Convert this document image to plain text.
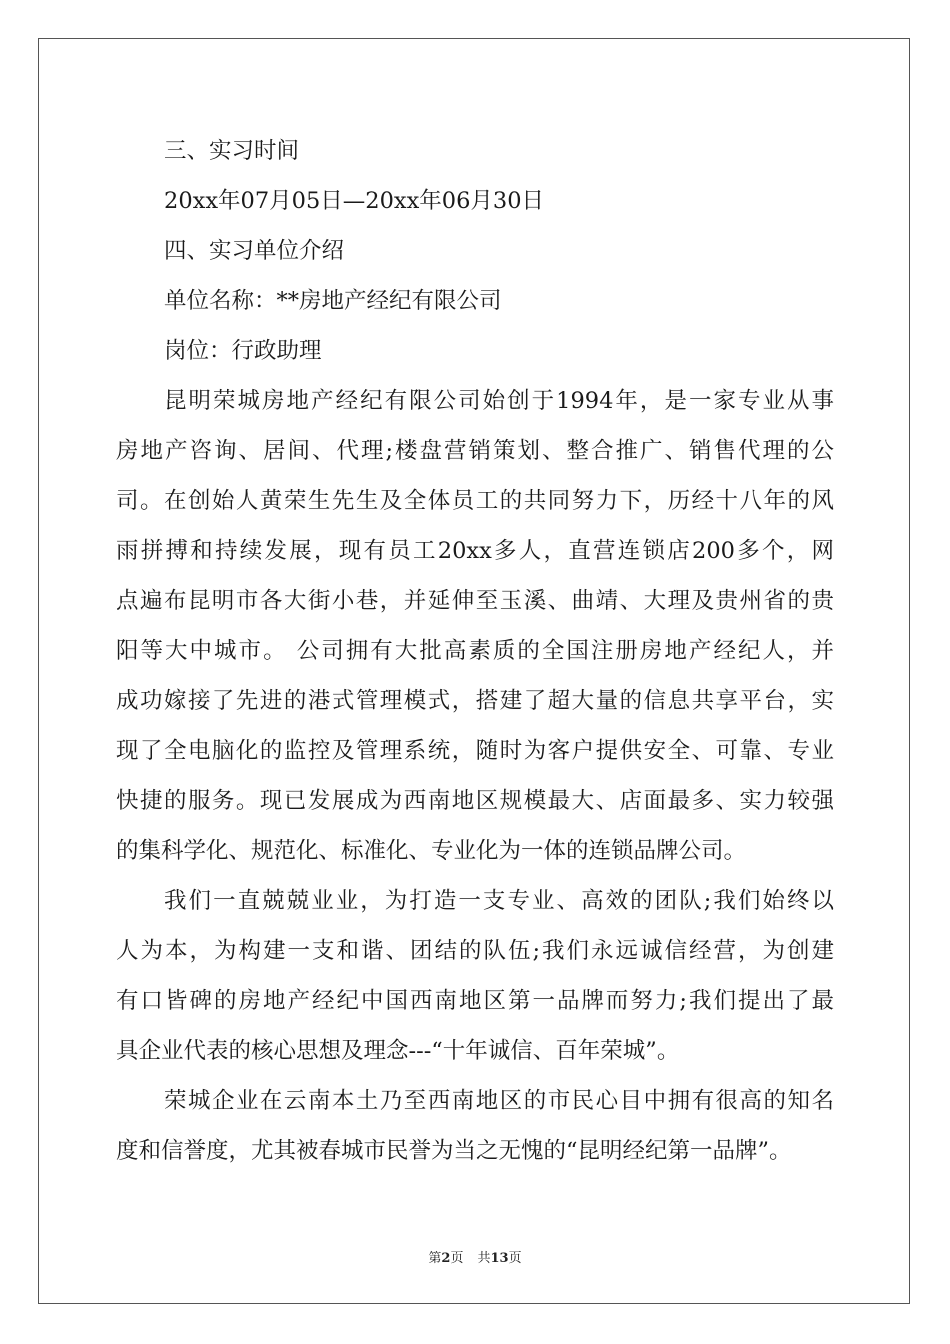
三、实习时间
20xx年07月05日—20xx年06月30日
四、实习单位介绍
单位名称：**房地产经纪有限公司
岗位：行政助理
昆明荣城房地产经纪有限公司始创于1994年，是一家专业从事
房地产咨询、居间、代理;楼盘营销策划、整合推广、销售代理的公
司。在创始人黄荣生先生及全体员工的共同努力下，历经十八年的风
雨拼搏和持续发展，现有员工20xx多人，直营连锁店200多个，网
点遍布昆明市各大街小巷，并延伸至玉溪、曲靖、大理及贵州省的贵
阳等大中城市。 公司拥有大批高素质的全国注册房地产经纪人，并
成功嫁接了先进的港式管理模式，搭建了超大量的信息共享平台，实
现了全电脑化的监控及管理系统，随时为客户提供安全、可靠、专业
快捷的服务。现已发展成为西南地区规模最大、店面最多、实力较强
的集科学化、规范化、标准化、专业化为一体的连锁品牌公司。
我们一直兢兢业业，为打造一支专业、高效的团队;我们始终以
人为本，为构建一支和谐、团结的队伍;我们永远诚信经营，为创建
有口皆碑的房地产经纪中国西南地区第一品牌而努力;我们提出了最
具企业代表的核心思想及理念---“十年诚信、百年荣城”。
荣城企业在云南本土乃至西南地区的市民心目中拥有很高的知名
度和信誉度，尤其被春城市民誉为当之无愧的“昆明经纪第一品牌”。
第2页 共13页
